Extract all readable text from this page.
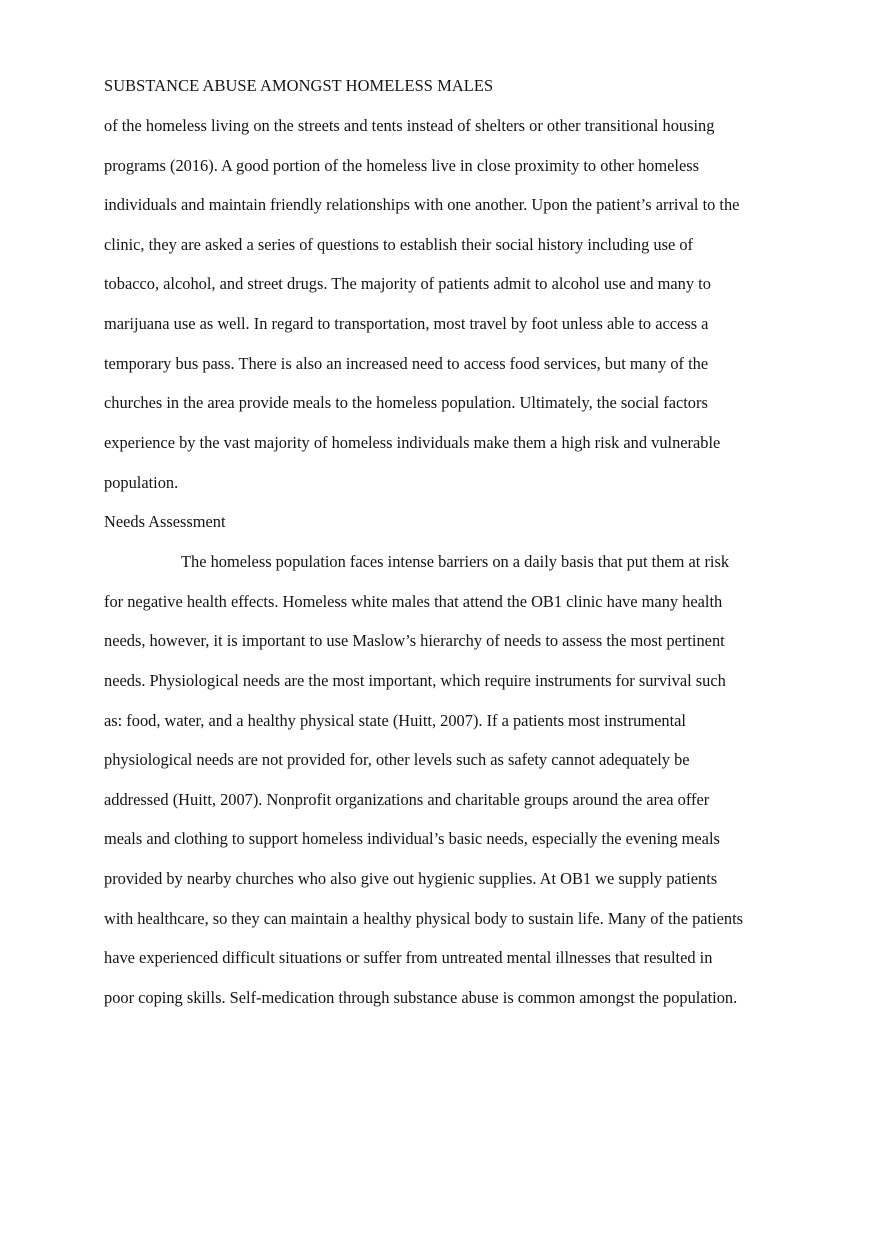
SUBSTANCE ABUSE AMONGST HOMELESS MALES
of the homeless living on the streets and tents instead of shelters or other transitional housing
programs (2016). A good portion of the homeless live in close proximity to other homeless
individuals and maintain friendly relationships with one another. Upon the patient’s arrival to the
clinic, they are asked a series of questions to establish their social history including use of
tobacco, alcohol, and street drugs. The majority of patients admit to alcohol use and many to
marijuana use as well. In regard to transportation, most travel by foot unless able to access a
temporary bus pass. There is also an increased need to access food services, but many of the
churches in the area provide meals to the homeless population. Ultimately, the social factors
experience by the vast majority of homeless individuals make them a high risk and vulnerable
population.
Needs Assessment
The homeless population faces intense barriers on a daily basis that put them at risk
for negative health effects. Homeless white males that attend the OB1 clinic have many health
needs, however, it is important to use Maslow’s hierarchy of needs to assess the most pertinent
needs. Physiological needs are the most important, which require instruments for survival such
as: food, water, and a healthy physical state (Huitt, 2007). If a patients most instrumental
physiological needs are not provided for, other levels such as safety cannot adequately be
addressed (Huitt, 2007). Nonprofit organizations and charitable groups around the area offer
meals and clothing to support homeless individual’s basic needs, especially the evening meals
provided by nearby churches who also give out hygienic supplies. At OB1 we supply patients
with healthcare, so they can maintain a healthy physical body to sustain life. Many of the patients
have experienced difficult situations or suffer from untreated mental illnesses that resulted in
poor coping skills. Self-medication through substance abuse is common amongst the population.
